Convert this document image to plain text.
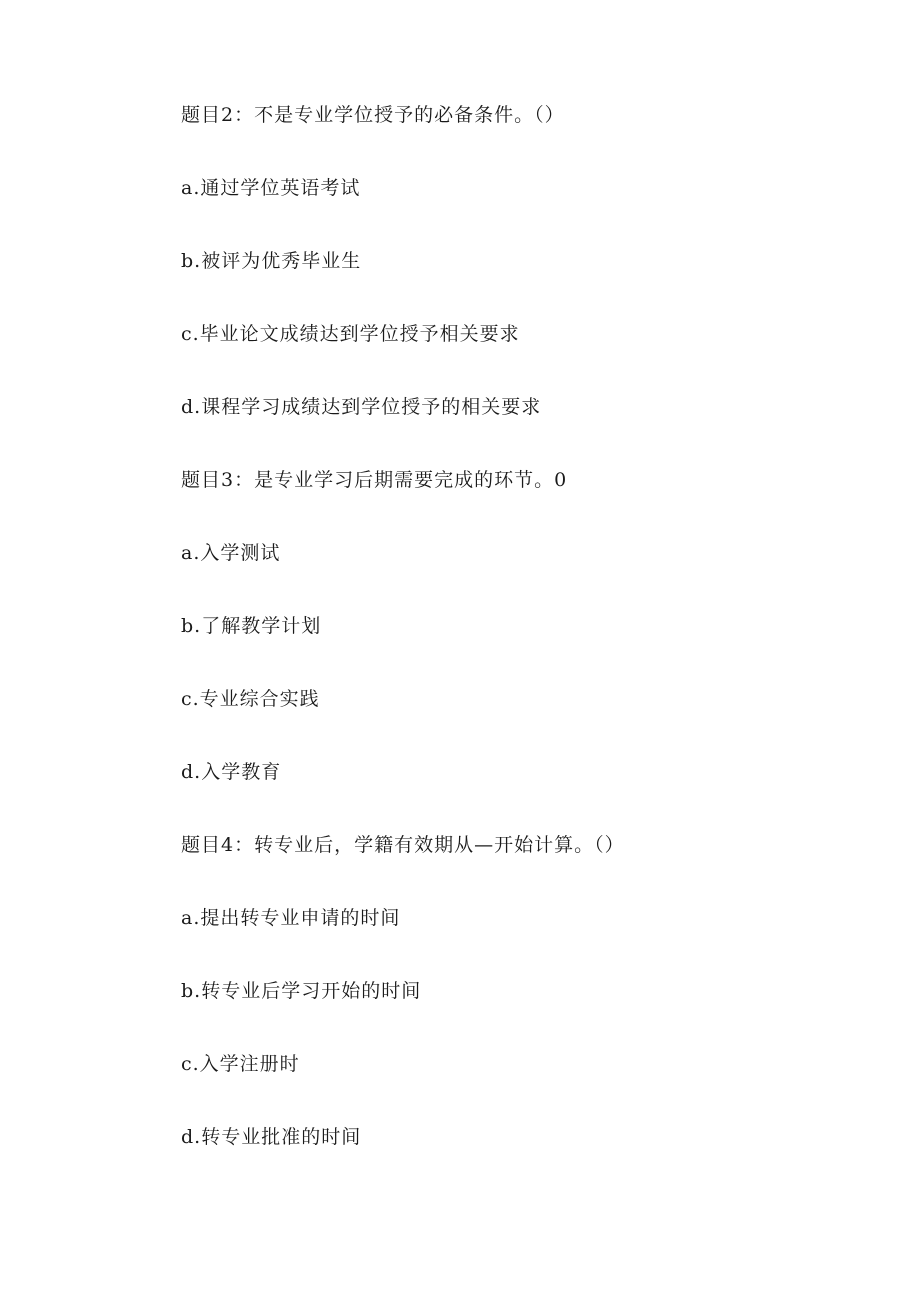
题目2：不是专业学位授予的必备条件。（）
a.通过学位英语考试
b.被评为优秀毕业生
c.毕业论文成绩达到学位授予相关要求
d.课程学习成绩达到学位授予的相关要求
题目3：是专业学习后期需要完成的环节。0
a.入学测试
b.了解教学计划
c.专业综合实践
d.入学教育
题目4：转专业后，学籍有效期从—开始计算。（）
a.提出转专业申请的时间
b.转专业后学习开始的时间
c.入学注册时
d.转专业批准的时间
